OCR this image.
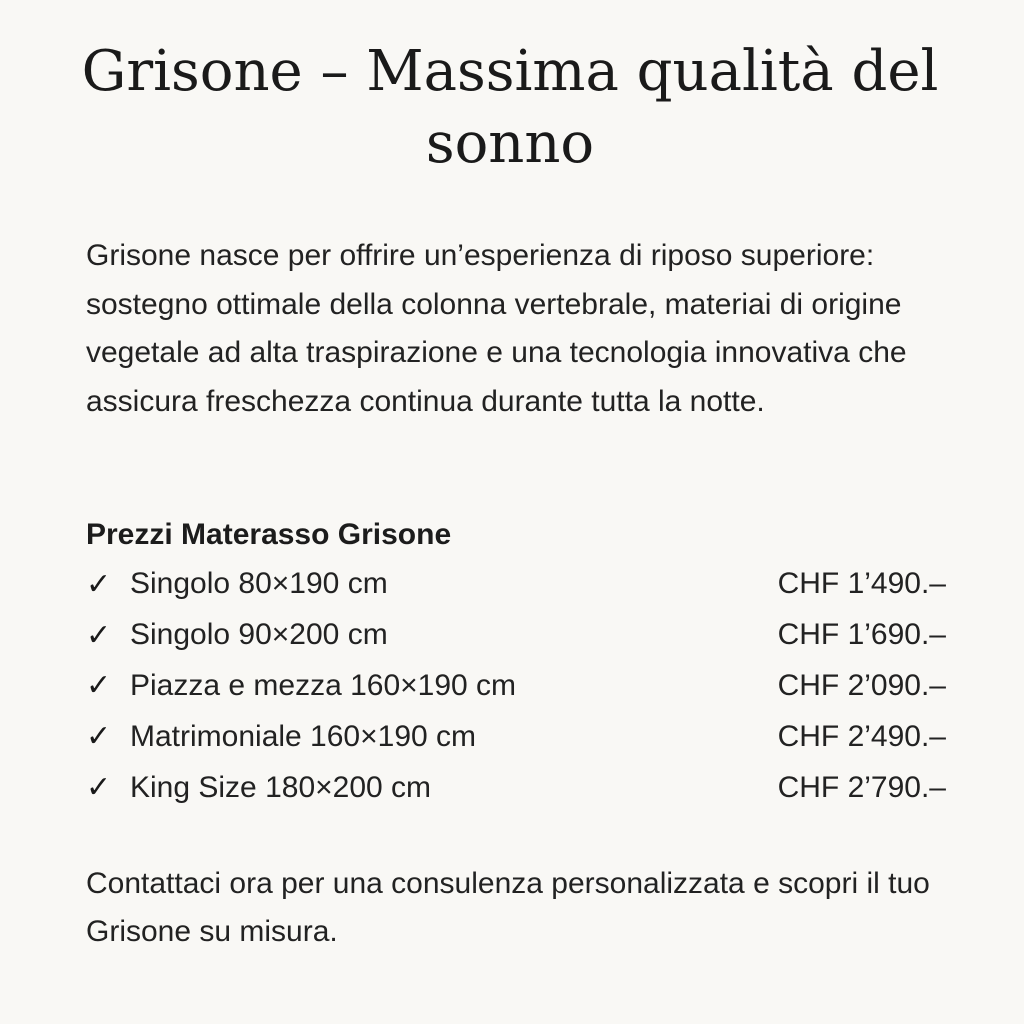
Grisone – Massima qualità del sonno

Grisone nasce per offrire un’esperienza di riposo superiore: sostegno ottimale della colonna vertebrale, materiai di origine vegetale ad alta traspirazione e una tecnologia innovativa che assicura freschezza continua durante tutta la notte.

Prezzi Materasso Grisone
✓ Singolo 80×190 cm	CHF 1’490.–
✓ Singolo 90×200 cm	CHF 1’690.–
✓ Piazza e mezza 160×190 cm	CHF 2’090.–
✓ Matrimoniale 160×190 cm	CHF 2’490.–
✓ King Size 180×200 cm	CHF 2’790.–

Contattaci ora per una consulenza personalizzata e scopri il tuo Grisone su misura.
